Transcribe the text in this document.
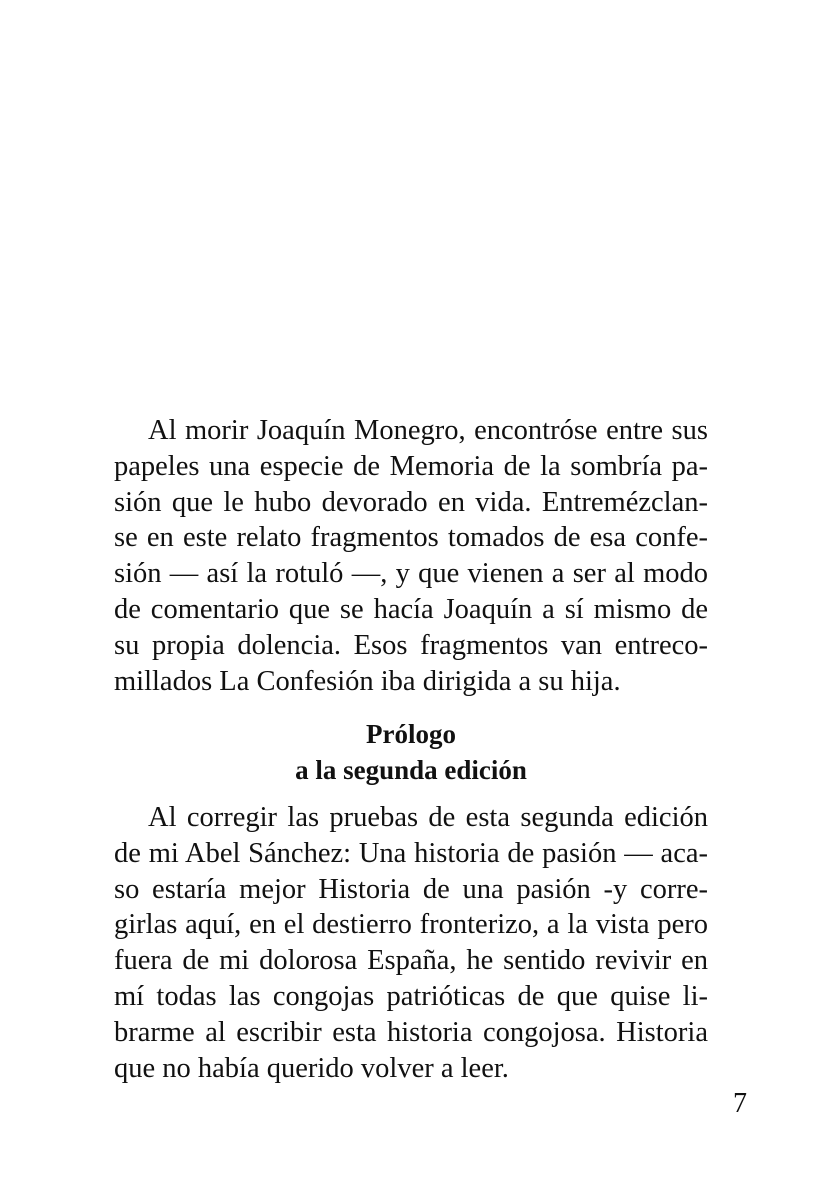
Al morir Joaquín Monegro, encontróse entre sus
papeles una especie de Memoria de la sombría pa-
sión que le hubo devorado en vida. Entremézclan-
se en este relato fragmentos tomados de esa confe-
sión — así la rotuló —, y que vienen a ser al modo
de comentario que se hacía Joaquín a sí mismo de
su propia dolencia. Esos fragmentos van entreco-
millados La Confesión iba dirigida a su hija.
Prólogo
a la segunda edición
Al corregir las pruebas de esta segunda edición
de mi Abel Sánchez: Una historia de pasión — aca-
so estaría mejor Historia de una pasión -y corre-
girlas aquí, en el destierro fronterizo, a la vista pero
fuera de mi dolorosa España, he sentido revivir en
mí todas las congojas patrióticas de que quise li-
brarme al escribir esta historia congojosa. Historia
que no había querido volver a leer.
7
